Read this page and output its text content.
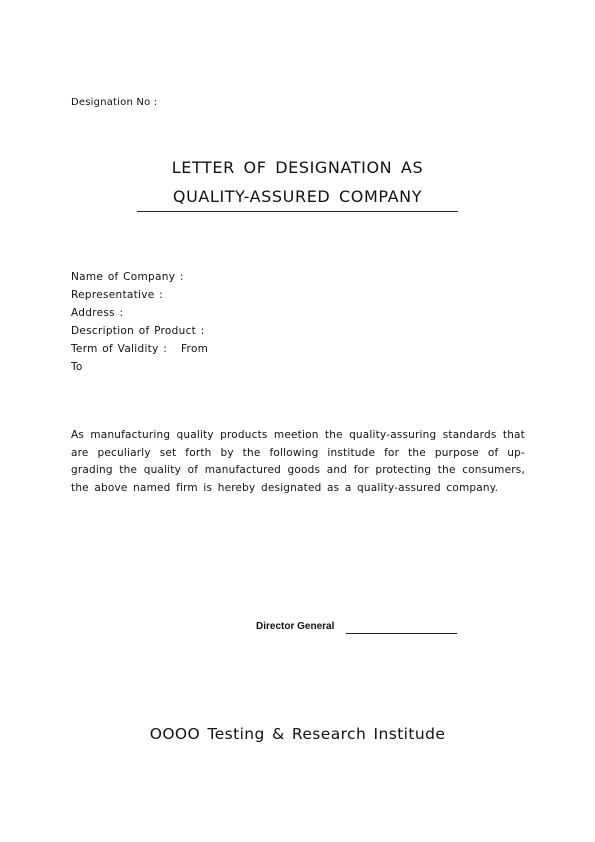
Designation No :
LETTER OF DESIGNATION AS
QUALITY-ASSURED COMPANY
Name of Company :
Representative :
Address :
Description of Product :
Term of Validity :   From
To
As manufacturing quality products meetion the quality-assuring standards that are peculiarly set forth by the following institude for the purpose of up-grading the quality of manufactured goods and for protecting the consumers, the above named firm is hereby designated as a quality-assured company.
Director General
OOOO Testing & Research Institude
